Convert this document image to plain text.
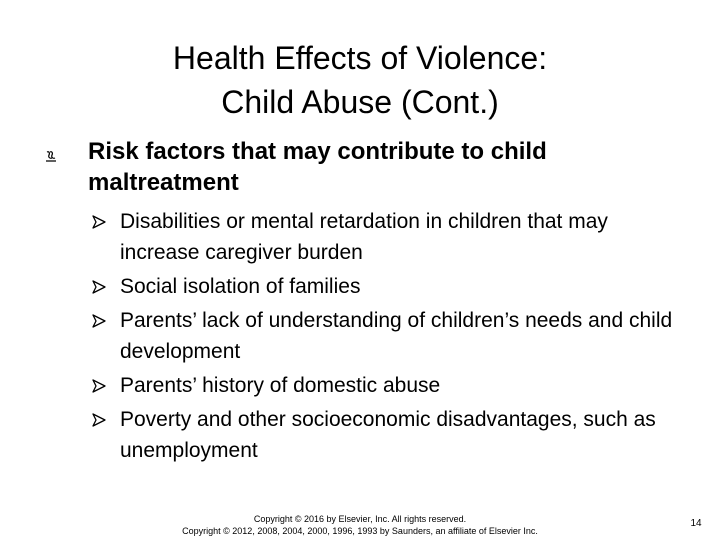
Health Effects of Violence:
Child Abuse (Cont.)
Risk factors that may contribute to child maltreatment
Disabilities or mental retardation in children that may increase caregiver burden
Social isolation of families
Parents’ lack of understanding of children’s needs and child development
Parents’ history of domestic abuse
Poverty and other socioeconomic disadvantages, such as unemployment
Copyright © 2016 by Elsevier, Inc. All rights reserved.
Copyright © 2012, 2008, 2004, 2000, 1996, 1993 by Saunders, an affiliate of Elsevier Inc.
14
